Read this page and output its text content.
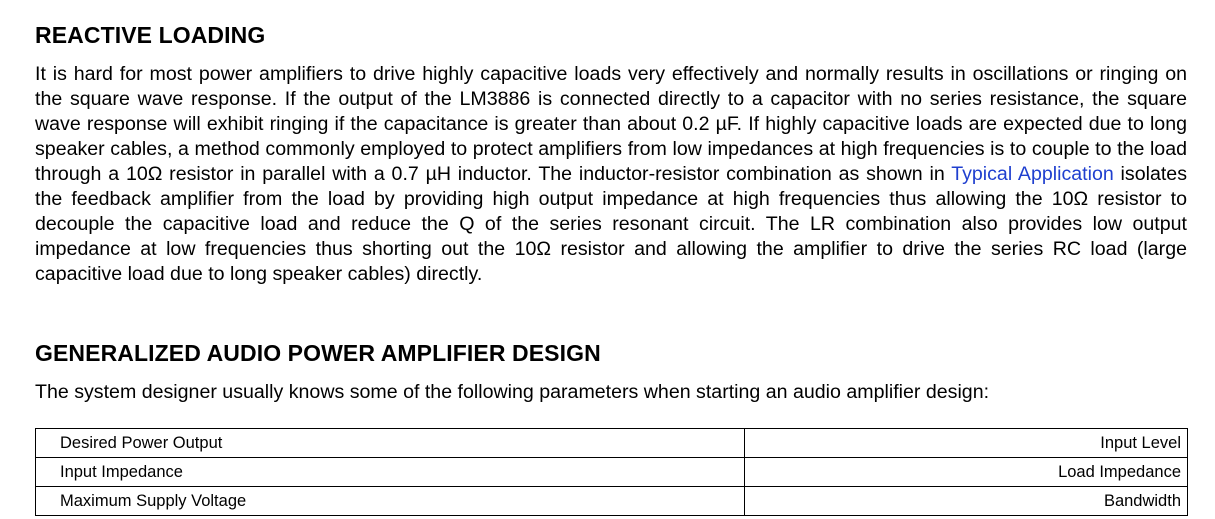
REACTIVE LOADING

It is hard for most power amplifiers to drive highly capacitive loads very effectively and normally results in oscillations or ringing on the square wave response. If the output of the LM3886 is connected directly to a capacitor with no series resistance, the square wave response will exhibit ringing if the capacitance is greater than about 0.2 µF. If highly capacitive loads are expected due to long speaker cables, a method commonly employed to protect amplifiers from low impedances at high frequencies is to couple to the load through a 10Ω resistor in parallel with a 0.7 µH inductor. The inductor-resistor combination as shown in Typical Application isolates the feedback amplifier from the load by providing high output impedance at high frequencies thus allowing the 10Ω resistor to decouple the capacitive load and reduce the Q of the series resonant circuit. The LR combination also provides low output impedance at low frequencies thus shorting out the 10Ω resistor and allowing the amplifier to drive the series RC load (large capacitive load due to long speaker cables) directly.

GENERALIZED AUDIO POWER AMPLIFIER DESIGN

The system designer usually knows some of the following parameters when starting an audio amplifier design:

Desired Power Output	Input Level
Input Impedance	Load Impedance
Maximum Supply Voltage	Bandwidth
